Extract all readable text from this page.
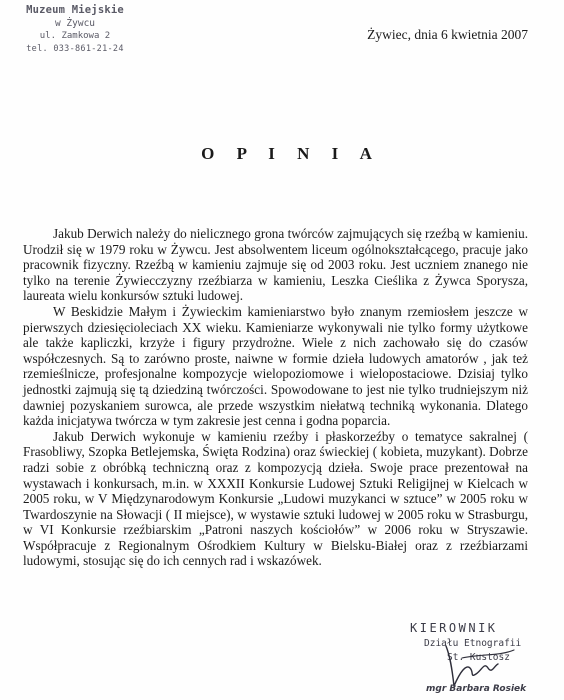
Muzeum Miejskie
w Żywcu
ul. Zamkowa 2
tel. 033-861-21-24
Żywiec, dnia 6 kwietnia 2007
O P I N I A

Jakub Derwich należy do nielicznego grona twórców zajmujących się rzeźbą w kamieniu. Urodził się w 1979 roku w Żywcu. Jest absolwentem liceum ogólnokształcącego, pracuje jako pracownik fizyczny. Rzeźbą w kamieniu zajmuje się od 2003 roku. Jest uczniem znanego nie tylko na terenie Żywiecczyzny rzeźbiarza w kamieniu, Leszka Cieślika z Żywca Sporysza, laureata wielu konkursów sztuki ludowej.

W Beskidzie Małym i Żywieckim kamieniarstwo było znanym rzemiosłem jeszcze w pierwszych dziesięcioleciach XX wieku. Kamieniarze wykonywali nie tylko formy użytkowe ale także kapliczki, krzyże i figury przydrożne. Wiele z nich zachowało się do czasów współczesnych. Są to zarówno proste, naiwne w formie dzieła ludowych amatorów , jak też rzemieślnicze, profesjonalne kompozycje wielopoziomowe i wielopostaciowe. Dzisiaj tylko jednostki zajmują się tą dziedziną twórczości. Spowodowane to jest nie tylko trudniejszym niż dawniej pozyskaniem surowca, ale przede wszystkim niełatwą techniką wykonania. Dlatego każda inicjatywa twórcza w tym zakresie jest cenna i godna poparcia.

Jakub Derwich wykonuje w kamieniu rzeźby i płaskorzeźby o tematyce sakralnej ( Frasobliwy, Szopka Betlejemska, Święta Rodzina) oraz świeckiej ( kobieta, muzykant). Dobrze radzi sobie z obróbką techniczną oraz z kompozycją dzieła. Swoje prace prezentował na wystawach i konkursach, m.in. w XXXII Konkursie Ludowej Sztuki Religijnej w Kielcach w 2005 roku, w V Międzynarodowym Konkursie „Ludowi muzykanci w sztuce” w 2005 roku w Twardoszynie na Słowacji ( II miejsce), w wystawie sztuki ludowej w 2005 roku w Strasburgu, w VI Konkursie rzeźbiarskim „Patroni naszych kościołów” w 2006 roku w Stryszawie. Współpracuje z Regionalnym Ośrodkiem Kultury w Bielsku-Białej oraz z rzeźbiarzami ludowymi, stosując się do ich cennych rad i wskazówek.

KIEROWNIK
Działu Etnografii
St. Kustosz
mgr Barbara Rosiek
